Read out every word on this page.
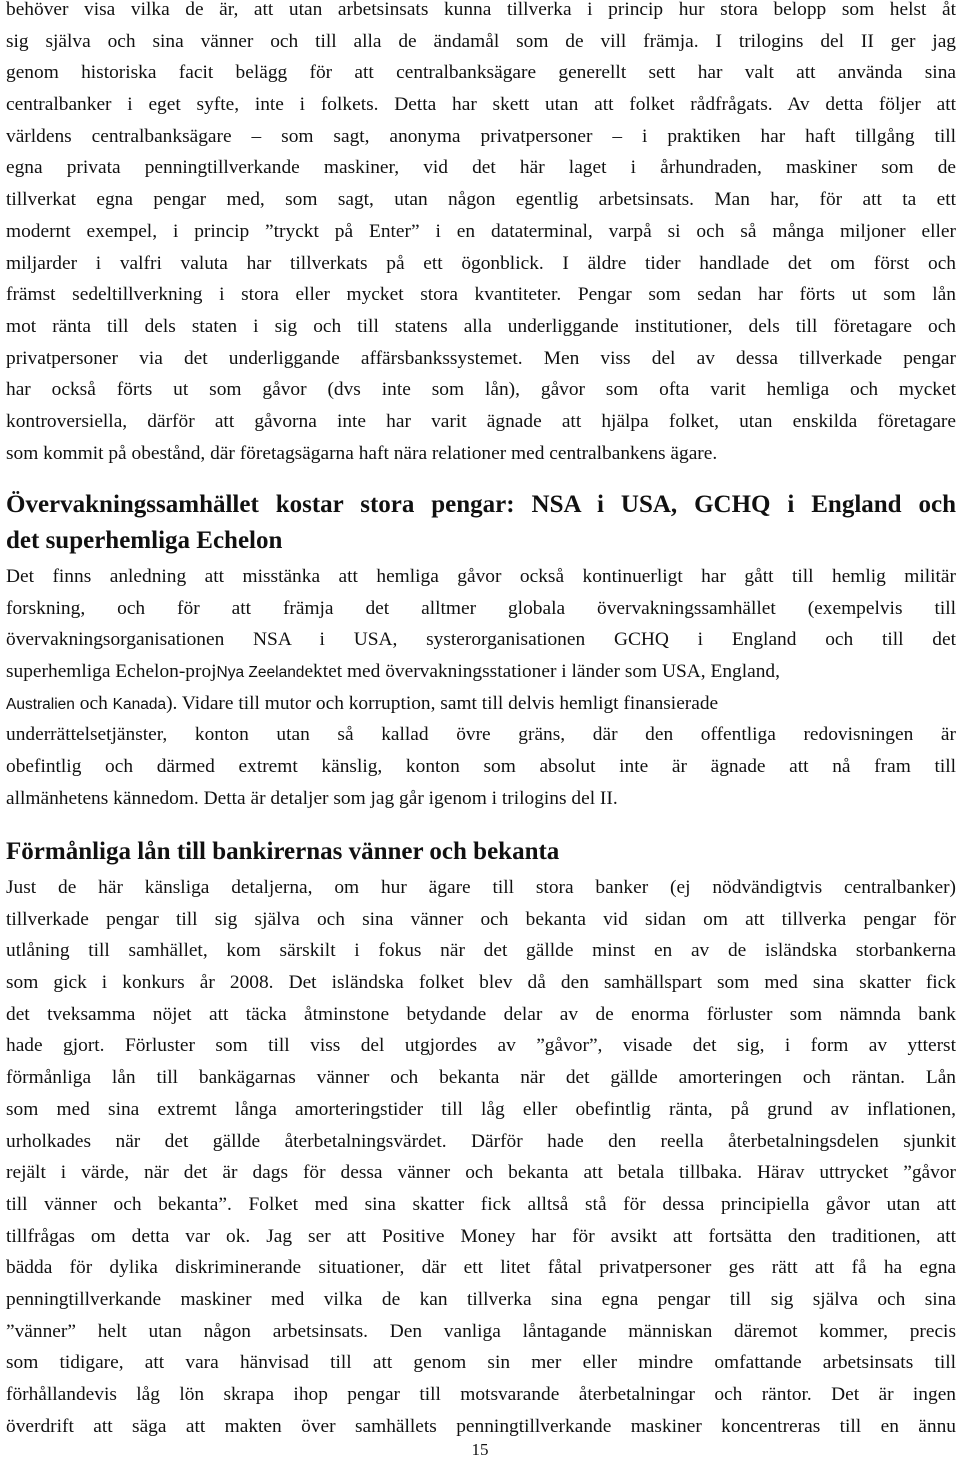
behöver visa vilka de är, att utan arbetsinsats kunna tillverka i princip hur stora belopp som helst åt
sig själva och sina vänner och till alla de ändamål som de vill främja. I trilogins del II ger jag
genom historiska facit belägg för att centralbanksägare generellt sett har valt att använda sina
centralbanker i eget syfte, inte i folkets. Detta har skett utan att folket rådfrågats. Av detta följer att
världens centralbanksägare – som sagt, anonyma privatpersoner – i praktiken har haft tillgång till
egna privata penningtillverkande maskiner, vid det här laget i århundraden, maskiner som de
tillverkat egna pengar med, som sagt, utan någon egentlig arbetsinsats. Man har, för att ta ett
modernt exempel, i princip ”tryckt på Enter” i en dataterminal, varpå si och så många miljoner eller
miljarder i valfri valuta har tillverkats på ett ögonblick. I äldre tider handlade det om först och
främst sedeltillverkning i stora eller mycket stora kvantiteter. Pengar som sedan har förts ut som lån
mot ränta till dels staten i sig och till statens alla underliggande institutioner, dels till företagare och
privatpersoner via det underliggande affärsbankssystemet. Men viss del av dessa tillverkade pengar
har också förts ut som gåvor (dvs inte som lån), gåvor som ofta varit hemliga och mycket
kontroversiella, därför att gåvorna inte har varit ägnade att hjälpa folket, utan enskilda företagare
som kommit på obestånd, där företagsägarna haft nära relationer med centralbankens ägare.
Övervakningssamhället kostar stora pengar: NSA i USA, GCHQ i England och
det superhemliga Echelon
Det finns anledning att misstänka att hemliga gåvor också kontinuerligt har gått till hemlig militär
forskning, och för att främja det alltmer globala övervakningssamhället (exempelvis till
övervakningsorganisationen NSA i USA, systerorganisationen GCHQ i England och till det
superhemliga Echelon-projNya Zeelandektet med övervakningsstationer i länder som USA, England,
Australien och Kanada). Vidare till mutor och korruption, samt till delvis hemligt finansierade
underrättelsetjänster, konton utan så kallad övre gräns, där den offentliga redovisningen är
obefintlig och därmed extremt känslig, konton som absolut inte är ägnade att nå fram till
allmänhetens kännedom. Detta är detaljer som jag går igenom i trilogins del II.
Förmånliga lån till bankirernas vänner och bekanta
Just de här känsliga detaljerna, om hur ägare till stora banker (ej nödvändigtvis centralbanker)
tillverkade pengar till sig själva och sina vänner och bekanta vid sidan om att tillverka pengar för
utlåning till samhället, kom särskilt i fokus när det gällde minst en av de isländska storbankerna
som gick i konkurs år 2008. Det isländska folket blev då den samhällspart som med sina skatter fick
det tveksamma nöjet att täcka åtminstone betydande delar av de enorma förluster som nämnda bank
hade gjort. Förluster som till viss del utgjordes av ”gåvor”, visade det sig, i form av ytterst
förmånliga lån till bankägarnas vänner och bekanta när det gällde amorteringen och räntan. Lån
som med sina extremt långa amorteringstider till låg eller obefintlig ränta, på grund av inflationen,
urholkades när det gällde återbetalningsvärdet. Därför hade den reella återbetalningsdelen sjunkit
rejält i värde, när det är dags för dessa vänner och bekanta att betala tillbaka. Härav uttrycket ”gåvor
till vänner och bekanta”. Folket med sina skatter fick alltså stå för dessa principiella gåvor utan att
tillfrågas om detta var ok. Jag ser att Positive Money har för avsikt att fortsätta den traditionen, att
bädda för dylika diskriminerande situationer, där ett litet fåtal privatpersoner ges rätt att få ha egna
penningtillverkande maskiner med vilka de kan tillverka sina egna pengar till sig själva och sina
”vänner” helt utan någon arbetsinsats. Den vanliga låntagande människan däremot kommer, precis
som tidigare, att vara hänvisad till att genom sin mer eller mindre omfattande arbetsinsats till
förhållandevis låg lön skrapa ihop pengar till motsvarande återbetalningar och räntor. Det är ingen
överdrift att säga att makten över samhällets penningtillverkande maskiner koncentreras till en ännu
15
